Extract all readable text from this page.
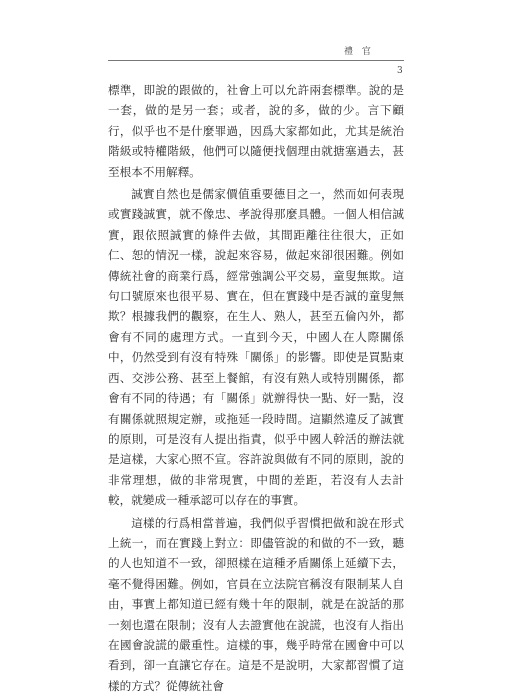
禮 官
3

標準，即說的跟做的，社會上可以允許兩套標準。說的是一套，做的是另一套；或者，說的多，做的少。言下顧行，似乎也不是什麼罪過，因爲大家都如此，尤其是統治階級或特權階級，他們可以隨便找個理由就搪塞過去，甚至根本不用解釋。

誠實自然也是儒家價值重要德目之一，然而如何表現或實踐誠實，就不像忠、孝說得那麼具體。一個人相信誠實，跟依照誠實的條件去做，其間距離往往很大，正如仁、恕的情況一樣，說起來容易，做起來卻很困難。例如傳統社會的商業行爲，經常強調公平交易，童叟無欺。這句口號原來也很平易、實在，但在實踐中是否誠的童叟無欺？根據我們的觀察，在生人、熟人，甚至五倫內外，都會有不同的處理方式。一直到今天，中國人在人際關係中，仍然受到有沒有特殊「關係」的影響。即使是買點東西、交涉公務、甚至上餐館，有沒有熟人或特別關係，都會有不同的待遇；有「關係」就辦得快一點、好一點，沒有關係就照規定辦，或拖延一段時間。這顯然違反了誠實的原則，可是沒有人提出指責，似乎中國人幹活的辦法就是這樣，大家心照不宣。容許說與做有不同的原則，說的非常理想，做的非常現實，中間的差距，若沒有人去計較，就變成一種承認可以存在的事實。

這樣的行爲相當普遍，我們似乎習慣把做和說在形式上統一，而在實踐上對立：即儘管說的和做的不一致，聽的人也知道不一致，卻照樣在這種矛盾關係上延續下去，毫不覺得困難。例如，官員在立法院官稱沒有限制某人自由，事實上都知道已經有幾十年的限制，就是在說話的那一刻也還在限制；沒有人去證實他在說謊，也沒有人指出在國會說謊的嚴重性。這樣的事，幾乎時常在國會中可以看到，卻一直讓它存在。這是不是說明，大家都習慣了這樣的方式？從傳統社會
